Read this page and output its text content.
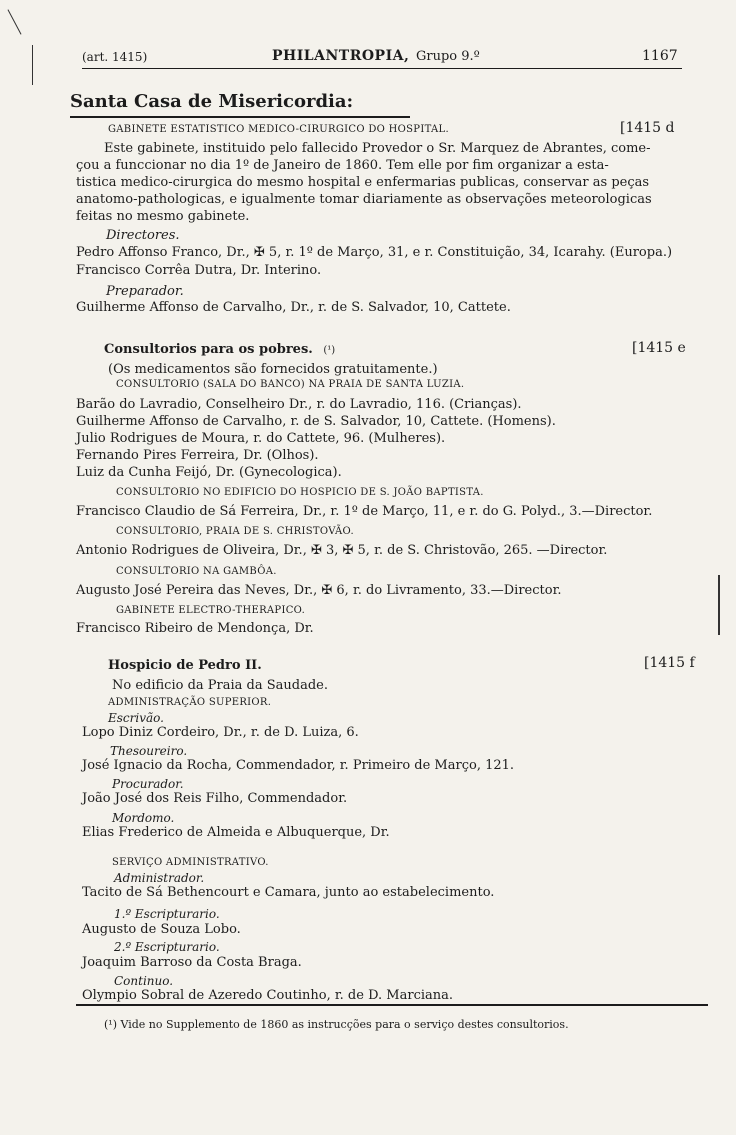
(art. 1415)	PHILANTROPIA, Grupo 9.º	1167
Santa Casa de Misericordia:
GABINETE ESTATISTICO MEDICO-CIRURGICO DO HOSPITAL.	[1415 d
Este gabinete, instituido pelo fallecido Provedor o Sr. Marquez de Abrantes, come-
çou a funccionar no dia 1º de Janeiro de 1860. Tem elle por fim organizar a esta-
tistica medico-cirurgica do mesmo hospital e enfermarias publicas, conservar as peças
anatomo-pathologicas, e igualmente tomar diariamente as observações meteorologicas
feitas no mesmo gabinete.
Directores.
Pedro Affonso Franco, Dr., ✠ 5, r. 1º de Março, 31, e r. Constituição, 34, Icarahy. (Europa.)
Francisco Corrêa Dutra, Dr. Interino.
Preparador.
Guilherme Affonso de Carvalho, Dr., r. de S. Salvador, 10, Cattete.
Consultorios para os pobres. (¹)	[1415 e
(Os medicamentos são fornecidos gratuitamente.)
CONSULTORIO (SALA DO BANCO) NA PRAIA DE SANTA LUZIA.
Barão do Lavradio, Conselheiro Dr., r. do Lavradio, 116. (Crianças).
Guilherme Affonso de Carvalho, r. de S. Salvador, 10, Cattete. (Homens).
Julio Rodrigues de Moura, r. do Cattete, 96. (Mulheres).
Fernando Pires Ferreira, Dr. (Olhos).
Luiz da Cunha Feijó, Dr. (Gynecologica).
CONSULTORIO NO EDIFICIO DO HOSPICIO DE S. JOÃO BAPTISTA.
Francisco Claudio de Sá Ferreira, Dr., r. 1º de Março, 11, e r. do G. Polyd., 3.—Director.
CONSULTORIO, PRAIA DE S. CHRISTOVÃO.
Antonio Rodrigues de Oliveira, Dr., ✠ 3, ✠ 5, r. de S. Christovão, 265. —Director.
CONSULTORIO NA GAMBÔA.
Augusto José Pereira das Neves, Dr., ✠ 6, r. do Livramento, 33.—Director.
GABINETE ELECTRO-THERAPICO.
Francisco Ribeiro de Mendonça, Dr.
Hospicio de Pedro II.	[1415 f
No edificio da Praia da Saudade.
ADMINISTRAÇÃO SUPERIOR.
Escrivão.
Lopo Diniz Cordeiro, Dr., r. de D. Luiza, 6.
Thesoureiro.
José Ignacio da Rocha, Commendador, r. Primeiro de Março, 121.
Procurador.
João José dos Reis Filho, Commendador.
Mordomo.
Elias Frederico de Almeida e Albuquerque, Dr.
SERVIÇO ADMINISTRATIVO.
Administrador.
Tacito de Sá Bethencourt e Camara, junto ao estabelecimento.
1.º Escripturario.
Augusto de Souza Lobo.
2.º Escripturario.
Joaquim Barroso da Costa Braga.
Continuo.
Olympio Sobral de Azeredo Coutinho, r. de D. Marciana.
(¹) Vide no Supplemento de 1860 as instrucções para o serviço destes consultorios.
